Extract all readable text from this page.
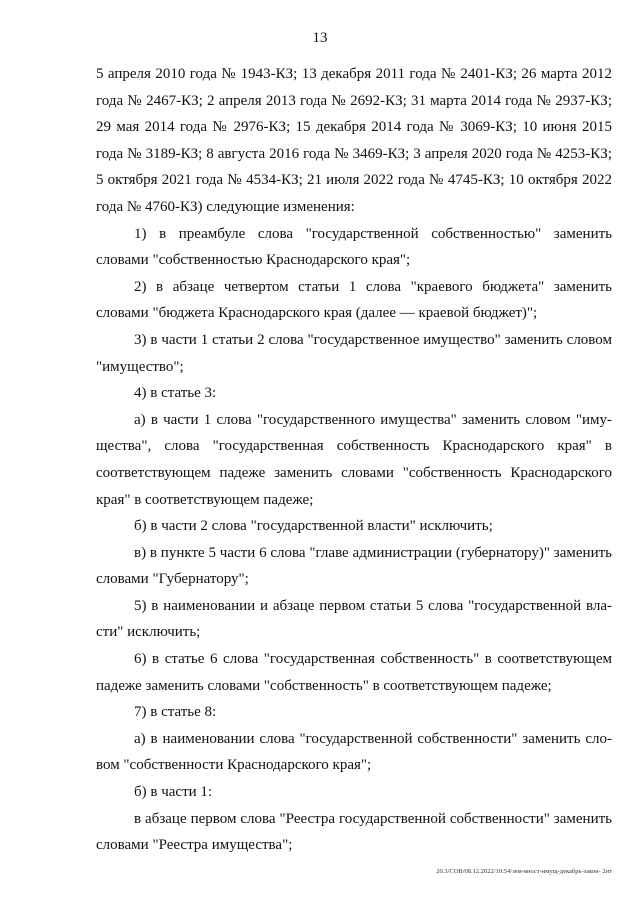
13

5 апреля 2010 года № 1943-КЗ; 13 декабря 2011 года № 2401-КЗ; 26 марта 2012 года № 2467-КЗ; 2 апреля 2013 года № 2692-КЗ; 31 марта 2014 года № 2937-КЗ; 29 мая 2014 года № 2976-КЗ; 15 декабря 2014 года № 3069-КЗ; 10 июня 2015 года № 3189-КЗ; 8 августа 2016 года № 3469-КЗ; 3 апреля 2020 года № 4253-КЗ; 5 октября 2021 года № 4534-КЗ; 21 июля 2022 года № 4745-КЗ; 10 октября 2022 года № 4760-КЗ) следующие изменения:

1) в преамбуле слова "государственной собственностью" заменить словами "собственностью Краснодарского края";

2) в абзаце четвертом статьи 1 слова "краевого бюджета" заменить словами "бюджета Краснодарского края (далее — краевой бюджет)";

3) в части 1 статьи 2 слова "государственное имущество" заменить словом "имущество";

4) в статье 3:

а) в части 1 слова "государственного имущества" заменить словом "имущества", слова "государственная собственность Краснодарского края" в соответствующем падеже заменить словами "собственность Краснодарского края" в соответствующем падеже;

б) в части 2 слова "государственной власти" исключить;

в) в пункте 5 части 6 слова "главе администрации (губернатору)" заменить словами "Губернатору";

5) в наименовании и абзаце первом статьи 5 слова "государственной власти" исключить;

6) в статье 6 слова "государственная собственность" в соответствующем падеже заменить словами "собственность" в соответствующем падеже;

7) в статье 8:

а) в наименовании слова "государственной собственности" заменить словом "собственности Краснодарского края";

б) в части 1:

в абзаце первом слова "Реестра государственной собственности" заменить словами "Реестра имущества";

20.3/СОВ/08.12.2022/10:54/зем-вност-имущ-декабрь-закон- 2нт
